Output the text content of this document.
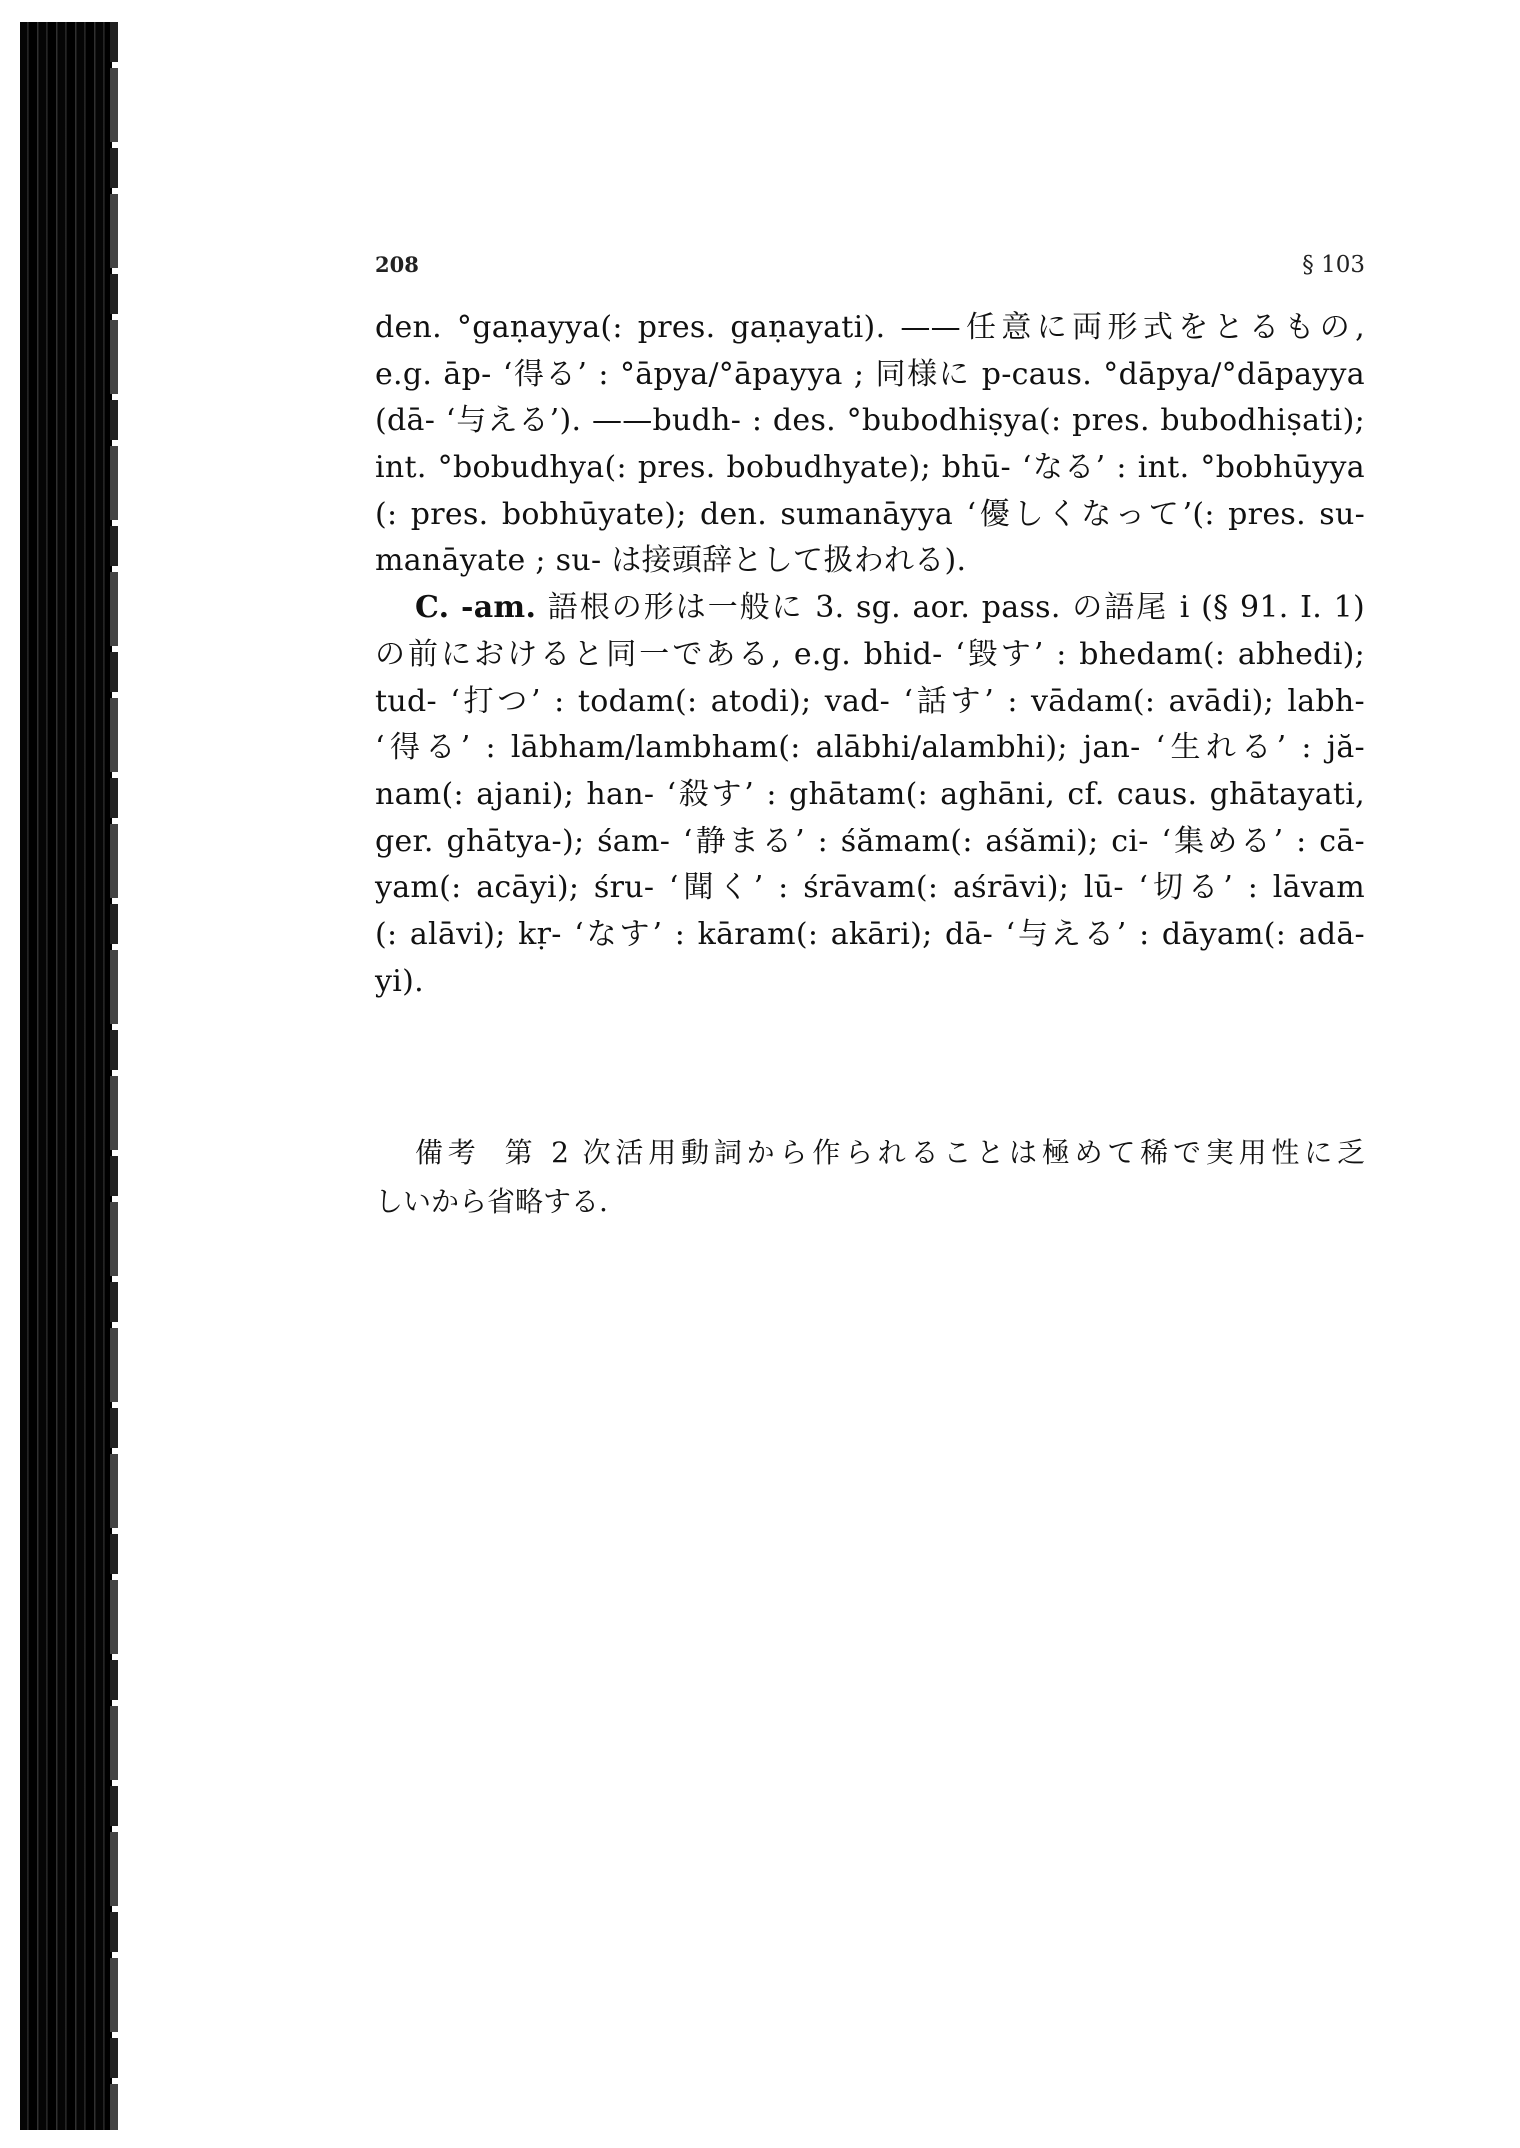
208	§ 103
den. °gaṇayya(: pres. gaṇayati). ——任意に両形式をとるもの,
e.g. āp- ‘得る’ : °āpya/°āpayya ; 同様に p-caus. °dāpya/°dāpayya
(dā- ‘与える’). ——budh- : des. °bubodhiṣya(: pres. bubodhiṣati);
int. °bobudhya(: pres. bobudhyate); bhū- ‘なる’ : int. °bobhūyya
(: pres. bobhūyate); den. sumanāyya ‘優しくなって’(: pres. su-
manāyate ; su- は接頭辞として扱われる).
C. -am. 語根の形は一般に 3. sg. aor. pass. の語尾 i (§ 91. I. 1)
の前におけると同一である, e.g. bhid- ‘毀す’ : bhedam(: abhedi);
tud- ‘打つ’ : todam(: atodi); vad- ‘話す’ : vādam(: avādi); labh-
‘得る’ : lābham/lambham(: alābhi/alambhi); jan- ‘生れる’ : jă-
nam(: ajani); han- ‘殺す’ : ghātam(: aghāni, cf. caus. ghātayati,
ger. ghātya-); śam- ‘静まる’ : śămam(: aśămi); ci- ‘集める’ : cā-
yam(: acāyi); śru- ‘聞く’ : śrāvam(: aśrāvi); lū- ‘切る’ : lāvam
(: alāvi); kṛ- ‘なす’ : kāram(: akāri); dā- ‘与える’ : dāyam(: adā-
yi).
備考 第 2 次活用動詞から作られることは極めて稀で実用性に乏
しいから省略する.
